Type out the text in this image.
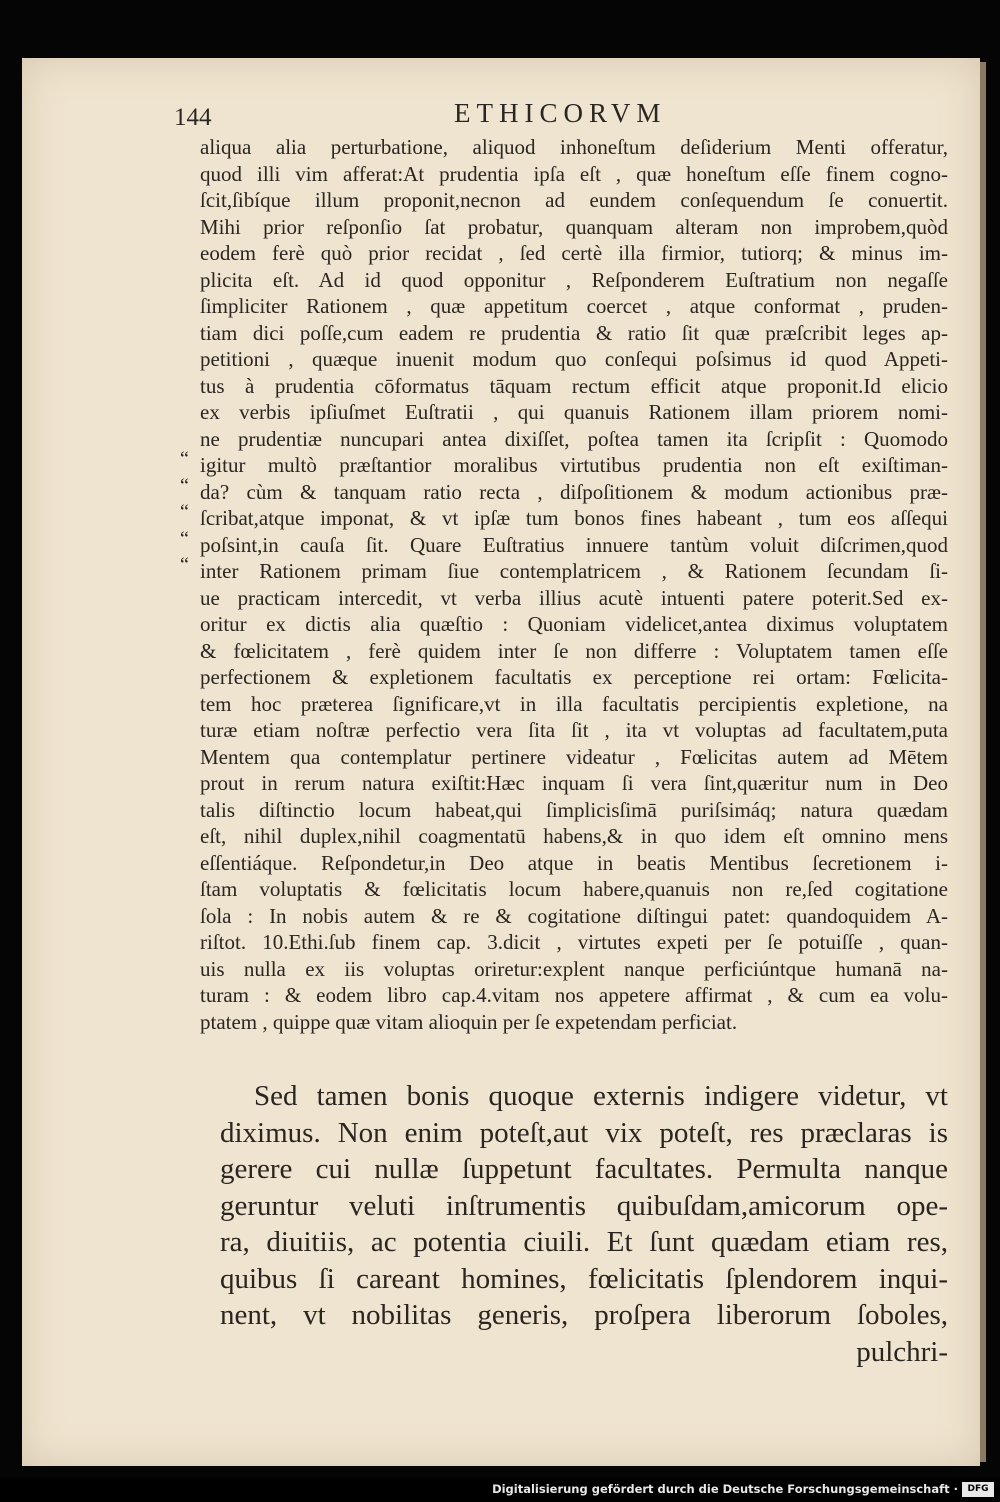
144	ETHICORVM
“
“
“
“
“
aliqua alia perturbatione, aliquod inhoneſtum deſiderium Menti offeratur,
quod illi vim afferat:At prudentia ipſa eſt , quæ honeſtum eſſe finem cogno-
ſcit,ſibíque illum proponit,necnon ad eundem conſequendum ſe conuertit.
Mihi prior reſponſio ſat probatur, quanquam alteram non improbem,quòd
eodem ferè quò prior recidat , ſed certè illa firmior, tutiorq; & minus im-
plicita eſt. Ad id quod opponitur , Reſponderem Euſtratium non negaſſe
ſimpliciter Rationem , quæ appetitum coercet , atque conformat , pruden-
tiam dici poſſe,cum eadem re prudentia & ratio ſit quæ præſcribit leges ap-
petitioni , quæque inuenit modum quo conſequi poſsimus id quod Appeti-
tus à prudentia cōformatus tāquam rectum efficit atque proponit.Id elicio
ex verbis ipſiuſmet Euſtratii , qui quanuis Rationem illam priorem nomi-
ne prudentiæ nuncupari antea dixiſſet, poſtea tamen ita ſcripſit : Quomodo
igitur multò præſtantior moralibus virtutibus prudentia non eſt exiſtiman-
da? cùm & tanquam ratio recta , diſpoſitionem & modum actionibus præ-
ſcribat,atque imponat, & vt ipſæ tum bonos fines habeant , tum eos aſſequi
poſsint,in cauſa ſit. Quare Euſtratius innuere tantùm voluit diſcrimen,quod
inter Rationem primam ſiue contemplatricem , & Rationem ſecundam ſi-
ue practicam intercedit, vt verba illius acutè intuenti patere poterit.Sed ex-
oritur ex dictis alia quæſtio : Quoniam videlicet,antea diximus voluptatem
& fœlicitatem , ferè quidem inter ſe non differre : Voluptatem tamen eſſe
perfectionem & expletionem facultatis ex perceptione rei ortam: Fœlicita-
tem hoc præterea ſignificare,vt in illa facultatis percipientis expletione, na
turæ etiam noſtræ perfectio vera ſita ſit , ita vt voluptas ad facultatem,puta
Mentem qua contemplatur pertinere videatur , Fœlicitas autem ad Mētem
prout in rerum natura exiſtit:Hæc inquam ſi vera ſint,quæritur num in Deo
talis diſtinctio locum habeat,qui ſimplicisſimā puriſsimáq; natura quædam
eſt, nihil duplex,nihil coagmentatū habens,& in quo idem eſt omnino mens
eſſentiáque. Reſpondetur,in Deo atque in beatis Mentibus ſecretionem i-
ſtam voluptatis & fœlicitatis locum habere,quanuis non re,ſed cogitatione
ſola : In nobis autem & re & cogitatione diſtingui patet: quandoquidem A-
riſtot. 10.Ethi.ſub finem cap. 3.dicit , virtutes expeti per ſe potuiſſe , quan-
uis nulla ex iis voluptas oriretur:explent nanque perficiúntque humanā na-
turam : & eodem libro cap.4.vitam nos appetere affirmat , & cum ea volu-
ptatem , quippe quæ vitam alioquin per ſe expetendam perficiat.
Sed tamen bonis quoque externis indigere videtur, vt
diximus. Non enim poteſt,aut vix poteſt, res præclaras is
gerere cui nullæ ſuppetunt facultates. Permulta nanque
geruntur veluti inſtrumentis quibuſdam,amicorum ope-
ra, diuitiis, ac potentia ciuili. Et ſunt quædam etiam res,
quibus ſi careant homines, fœlicitatis ſplendorem inqui-
nent, vt nobilitas generis, proſpera liberorum ſoboles,
pulchri-
Digitalisierung gefördert durch die Deutsche Forschungsgemeinschaft ·	DFG
